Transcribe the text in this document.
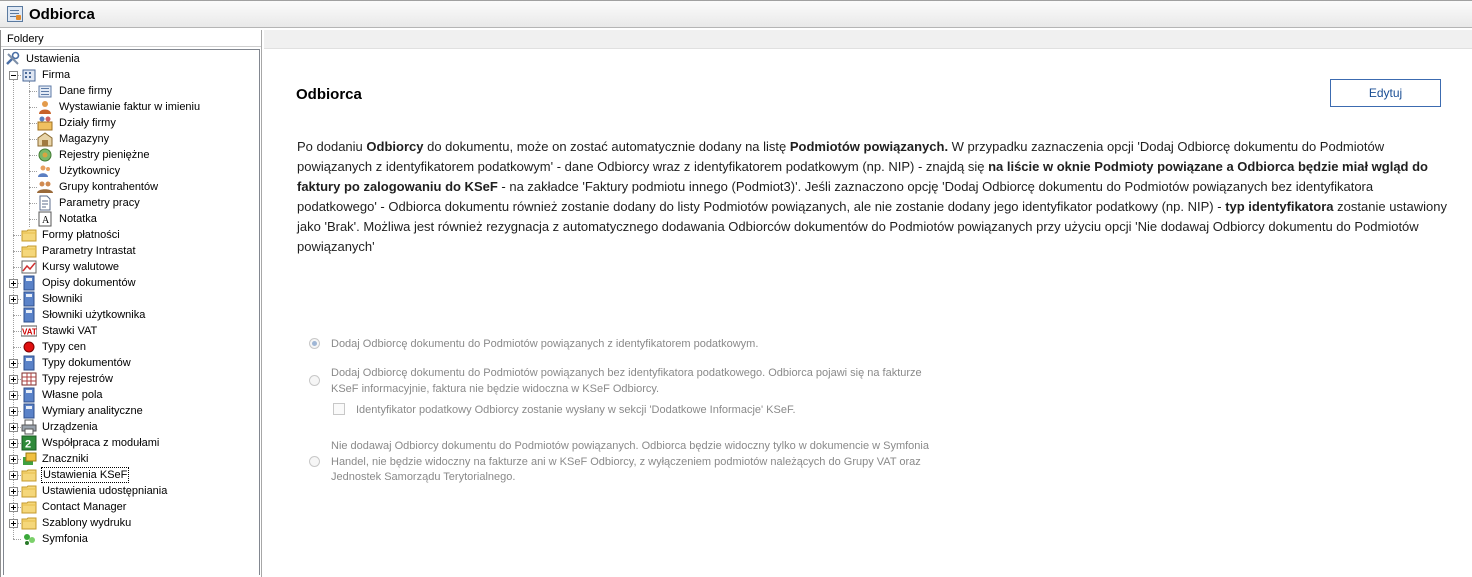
Odbiorca
Foldery
Ustawienia
Firma
Dane firmy
Wystawianie faktur w imieniu
Działy firmy
Magazyny
Rejestry pieniężne
Użytkownicy
Grupy kontrahentów
Parametry pracy
A Notatka
Formy płatności
Parametry Intrastat
Kursy walutowe
Opisy dokumentów
Słowniki
Słowniki użytkownika
VAT Stawki VAT
Typy cen
Typy dokumentów
Typy rejestrów
Własne pola
Wymiary analityczne
Urządzenia
2 Współpraca z modułami
Znaczniki
Ustawienia KSeF
Ustawienia udostępniania
Contact Manager
Szablony wydruku
Symfonia
Odbiorca	Edytuj
Po dodaniu Odbiorcy do dokumentu, może on zostać automatycznie dodany na listę Podmiotów powiązanych. W przypadku zaznaczenia opcji 'Dodaj Odbiorcę dokumentu do Podmiotów powiązanych z identyfikatorem podatkowym' - dane Odbiorcy wraz z identyfikatorem podatkowym (np. NIP) - znajdą się na liście w oknie Podmioty powiązane a Odbiorca będzie miał wgląd do faktury po zalogowaniu do KSeF - na zakładce 'Faktury podmiotu innego (Podmiot3)'. Jeśli zaznaczono opcję 'Dodaj Odbiorcę dokumentu do Podmiotów powiązanych bez identyfikatora podatkowego' - Odbiorca dokumentu również zostanie dodany do listy Podmiotów powiązanych, ale nie zostanie dodany jego identyfikator podatkowy (np. NIP) - typ identyfikatora zostanie ustawiony jako 'Brak'. Możliwa jest również rezygnacja z automatycznego dodawania Odbiorców dokumentów do Podmiotów powiązanych przy użyciu opcji 'Nie dodawaj Odbiorcy dokumentu do Podmiotów powiązanych'
Dodaj Odbiorcę dokumentu do Podmiotów powiązanych z identyfikatorem podatkowym.
Dodaj Odbiorcę dokumentu do Podmiotów powiązanych bez identyfikatora podatkowego. Odbiorca pojawi się na fakturze
KSeF informacyjnie, faktura nie będzie widoczna w KSeF Odbiorcy.
Identyfikator podatkowy Odbiorcy zostanie wysłany w sekcji 'Dodatkowe Informacje' KSeF.
Nie dodawaj Odbiorcy dokumentu do Podmiotów powiązanych. Odbiorca będzie widoczny tylko w dokumencie w Symfonia
Handel, nie będzie widoczny na fakturze ani w KSeF Odbiorcy, z wyłączeniem podmiotów należących do Grupy VAT oraz
Jednostek Samorządu Terytorialnego.
